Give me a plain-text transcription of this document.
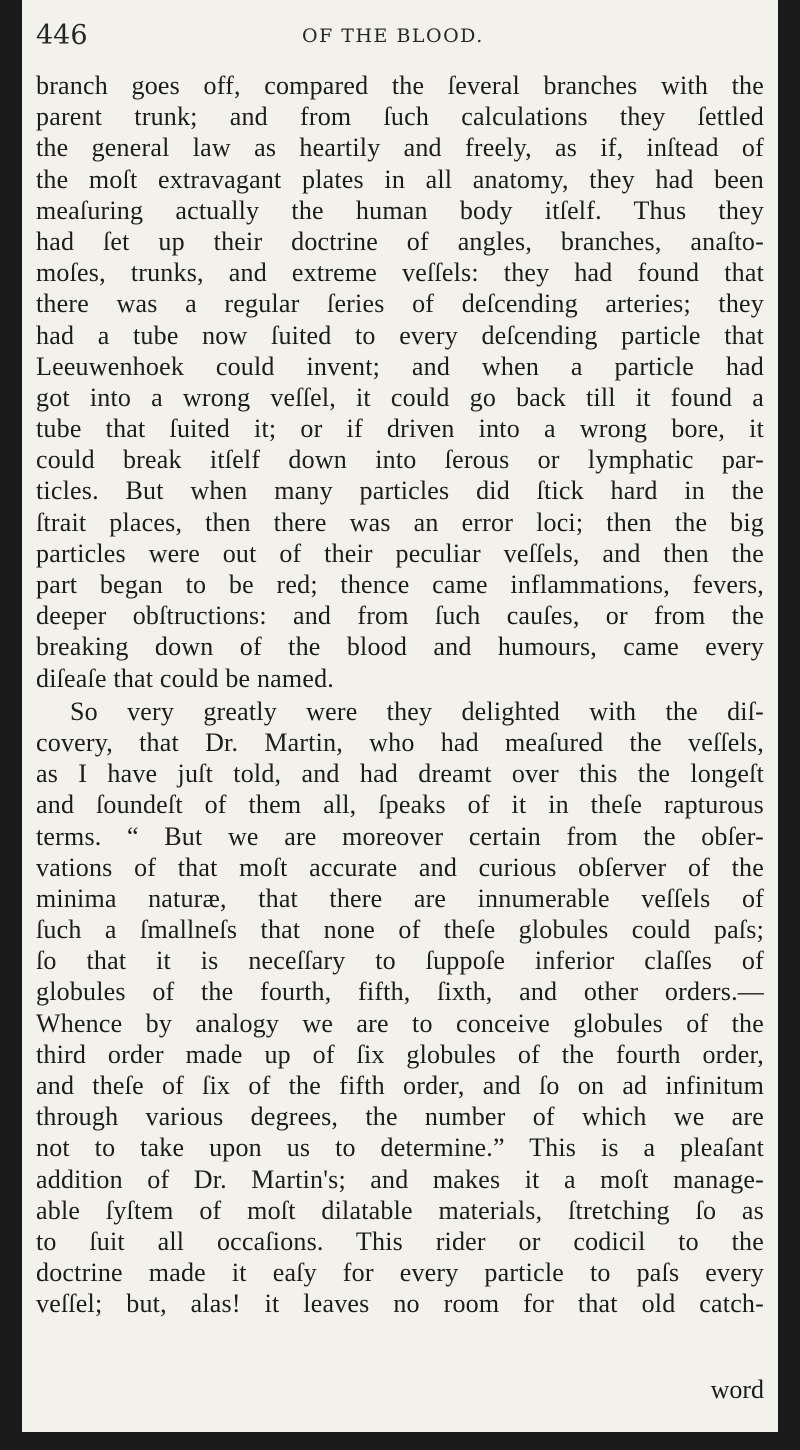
446	OF THE BLOOD.
branch goes off, compared the ſeveral branches with the
parent trunk; and from ſuch calculations they ſettled
the general law as heartily and freely, as if, inſtead of
the moſt extravagant plates in all anatomy, they had been
meaſuring actually the human body itſelf. Thus they
had ſet up their doctrine of angles, branches, anaſto-
moſes, trunks, and extreme veſſels: they had found that
there was a regular ſeries of deſcending arteries; they
had a tube now ſuited to every deſcending particle that
Leeuwenhoek could invent; and when a particle had
got into a wrong veſſel, it could go back till it found a
tube that ſuited it; or if driven into a wrong bore, it
could break itſelf down into ſerous or lymphatic par-
ticles. But when many particles did ſtick hard in the
ſtrait places, then there was an error loci; then the big
particles were out of their peculiar veſſels, and then the
part began to be red; thence came inflammations, fevers,
deeper obſtructions: and from ſuch cauſes, or from the
breaking down of the blood and humours, came every
diſeaſe that could be named.
So very greatly were they delighted with the diſ-
covery, that Dr. Martin, who had meaſured the veſſels,
as I have juſt told, and had dreamt over this the longeſt
and ſoundeſt of them all, ſpeaks of it in theſe rapturous
terms. “ But we are moreover certain from the obſer-
vations of that moſt accurate and curious obſerver of the
minima naturæ, that there are innumerable veſſels of
ſuch a ſmallneſs that none of theſe globules could paſs;
ſo that it is neceſſary to ſuppoſe inferior claſſes of
globules of the fourth, fifth, ſixth, and other orders.—
Whence by analogy we are to conceive globules of the
third order made up of ſix globules of the fourth order,
and theſe of ſix of the fifth order, and ſo on ad infinitum
through various degrees, the number of which we are
not to take upon us to determine.” This is a pleaſant
addition of Dr. Martin's; and makes it a moſt manage-
able ſyſtem of moſt dilatable materials, ſtretching ſo as
to ſuit all occaſions. This rider or codicil to the
doctrine made it eaſy for every particle to paſs every
veſſel; but, alas! it leaves no room for that old catch-
word
